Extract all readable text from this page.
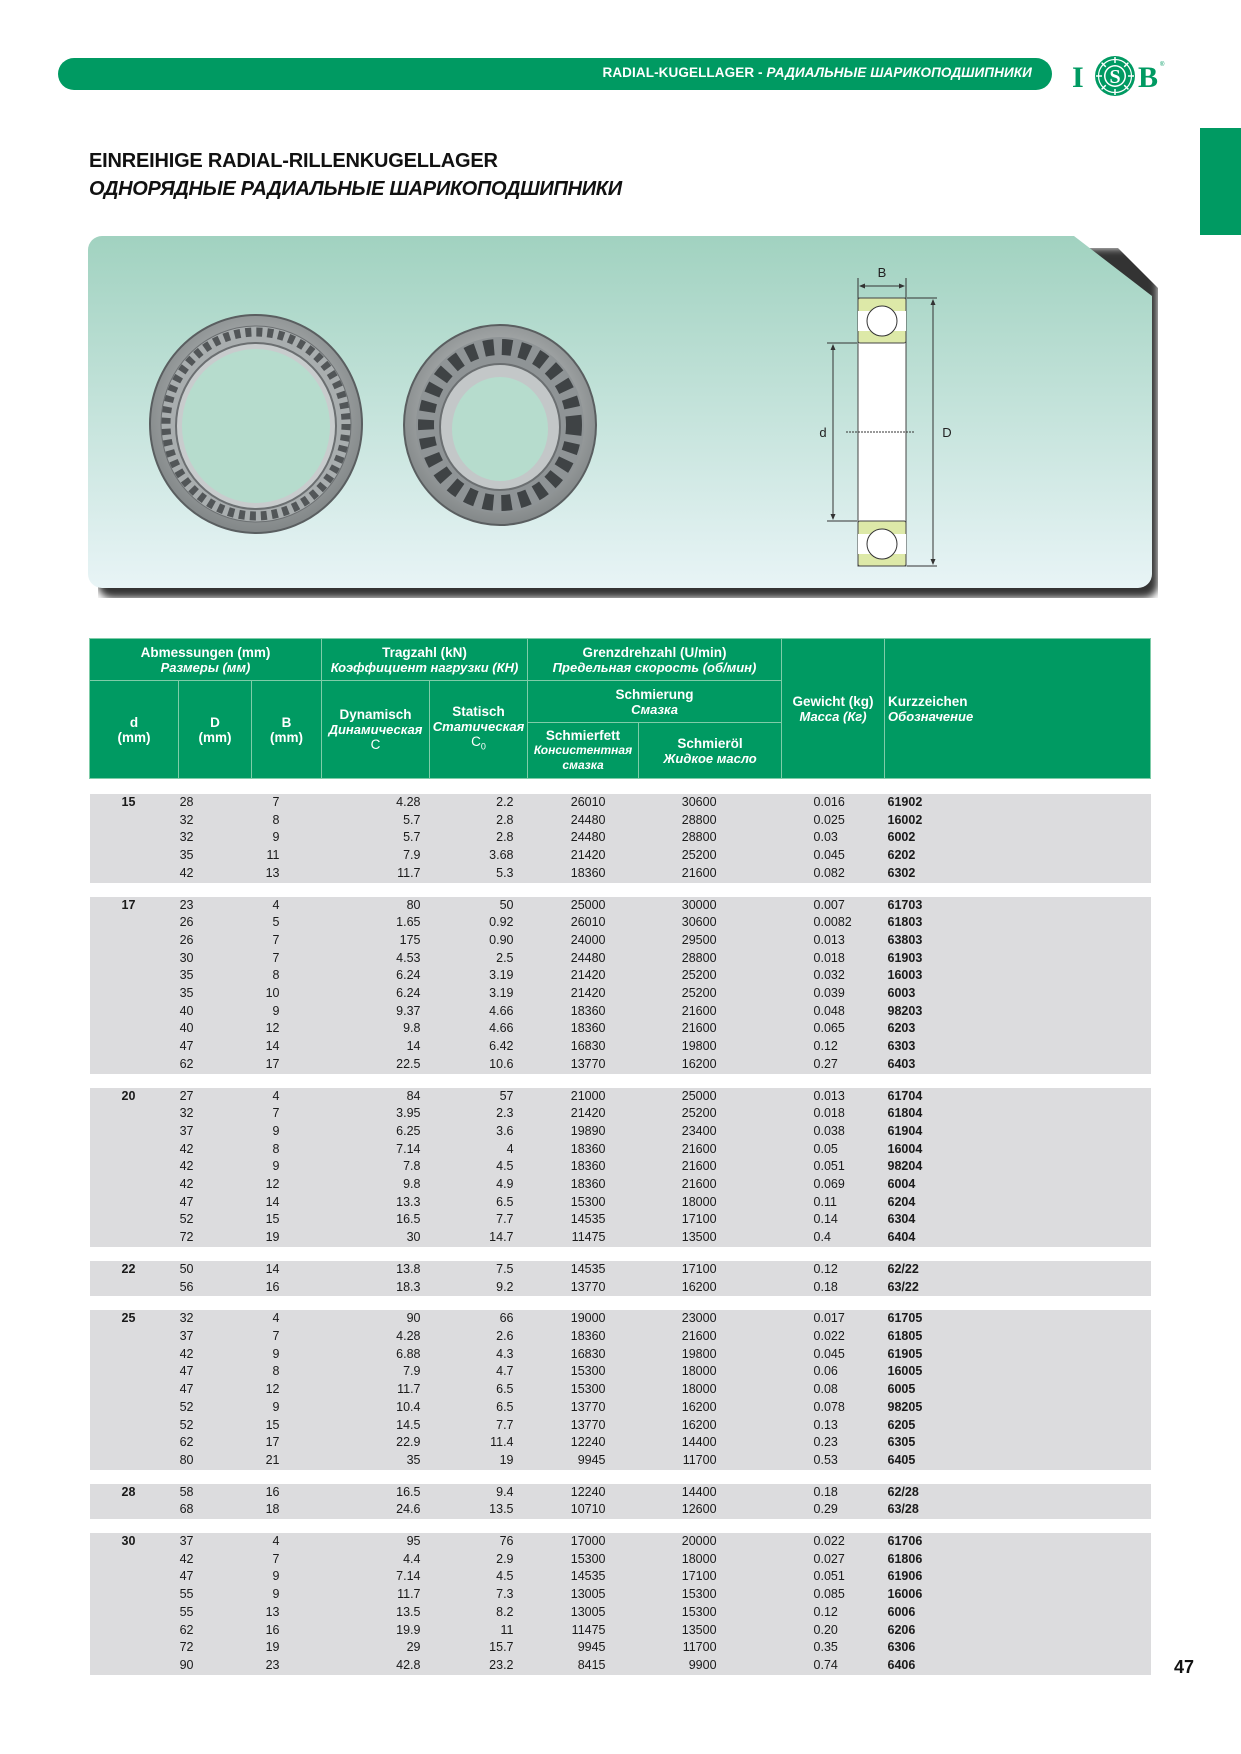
RADIAL-KUGELLAGER - РАДИАЛЬНЫЕ ШАРИКОПОДШИПНИКИ I S B ®
EINREIHIGE RADIAL-RILLENKUGELLAGER
ОДНОРЯДНЫЕ РАДИАЛЬНЫЕ ШАРИКОПОДШИПНИКИ
B
d	D
Abmessungen (mm)
Размеры (мм)			Tragzahl (kN)
Коэффициент нагрузки (КН)		Grenzdrehzahl (U/min)
Предельная скорость (об/мин)		Gewicht (kg)
Масса (Кг)	Kurzzeichen
Обозначение

d
(mm)	D
(mm)	B
(mm)	Dynamisch
Динамическая
C	Statisch
Статическая
$C_0$	Schmierung
Смазка			

					Schmierfett
Консистентная смазка	Schmieröl
Жидкое масло		

15	28	7	4.28	2.2	26010	30600	0.016	61902
	32	8	5.7	2.8	24480	28800	0.025	16002
	32	9	5.7	2.8	24480	28800	0.03	6002
	35	11	7.9	3.68	21420	25200	0.045	6202
	42	13	11.7	5.3	18360	21600	0.082	6302

17	23	4	80	50	25000	30000	0.007	61703
	26	5	1.65	0.92	26010	30600	0.0082	61803
	26	7	175	0.90	24000	29500	0.013	63803
	30	7	4.53	2.5	24480	28800	0.018	61903
	35	8	6.24	3.19	21420	25200	0.032	16003
	35	10	6.24	3.19	21420	25200	0.039	6003
	40	9	9.37	4.66	18360	21600	0.048	98203
	40	12	9.8	4.66	18360	21600	0.065	6203
	47	14	14	6.42	16830	19800	0.12	6303
	62	17	22.5	10.6	13770	16200	0.27	6403

20	27	4	84	57	21000	25000	0.013	61704
	32	7	3.95	2.3	21420	25200	0.018	61804
	37	9	6.25	3.6	19890	23400	0.038	61904
	42	8	7.14	4	18360	21600	0.05	16004
	42	9	7.8	4.5	18360	21600	0.051	98204
	42	12	9.8	4.9	18360	21600	0.069	6004
	47	14	13.3	6.5	15300	18000	0.11	6204
	52	15	16.5	7.7	14535	17100	0.14	6304
	72	19	30	14.7	11475	13500	0.4	6404

22	50	14	13.8	7.5	14535	17100	0.12	62/22
	56	16	18.3	9.2	13770	16200	0.18	63/22

25	32	4	90	66	19000	23000	0.017	61705
	37	7	4.28	2.6	18360	21600	0.022	61805
	42	9	6.88	4.3	16830	19800	0.045	61905
	47	8	7.9	4.7	15300	18000	0.06	16005
	47	12	11.7	6.5	15300	18000	0.08	6005
	52	9	10.4	6.5	13770	16200	0.078	98205
	52	15	14.5	7.7	13770	16200	0.13	6205
	62	17	22.9	11.4	12240	14400	0.23	6305
	80	21	35	19	9945	11700	0.53	6405

28	58	16	16.5	9.4	12240	14400	0.18	62/28
	68	18	24.6	13.5	10710	12600	0.29	63/28

30	37	4	95	76	17000	20000	0.022	61706
	42	7	4.4	2.9	15300	18000	0.027	61806
	47	9	7.14	4.5	14535	17100	0.051	61906
	55	9	11.7	7.3	13005	15300	0.085	16006
	55	13	13.5	8.2	13005	15300	0.12	6006
	62	16	19.9	11	11475	13500	0.20	6206
	72	19	29	15.7	9945	11700	0.35	6306
	90	23	42.8	23.2	8415	9900	0.74	6406	47
